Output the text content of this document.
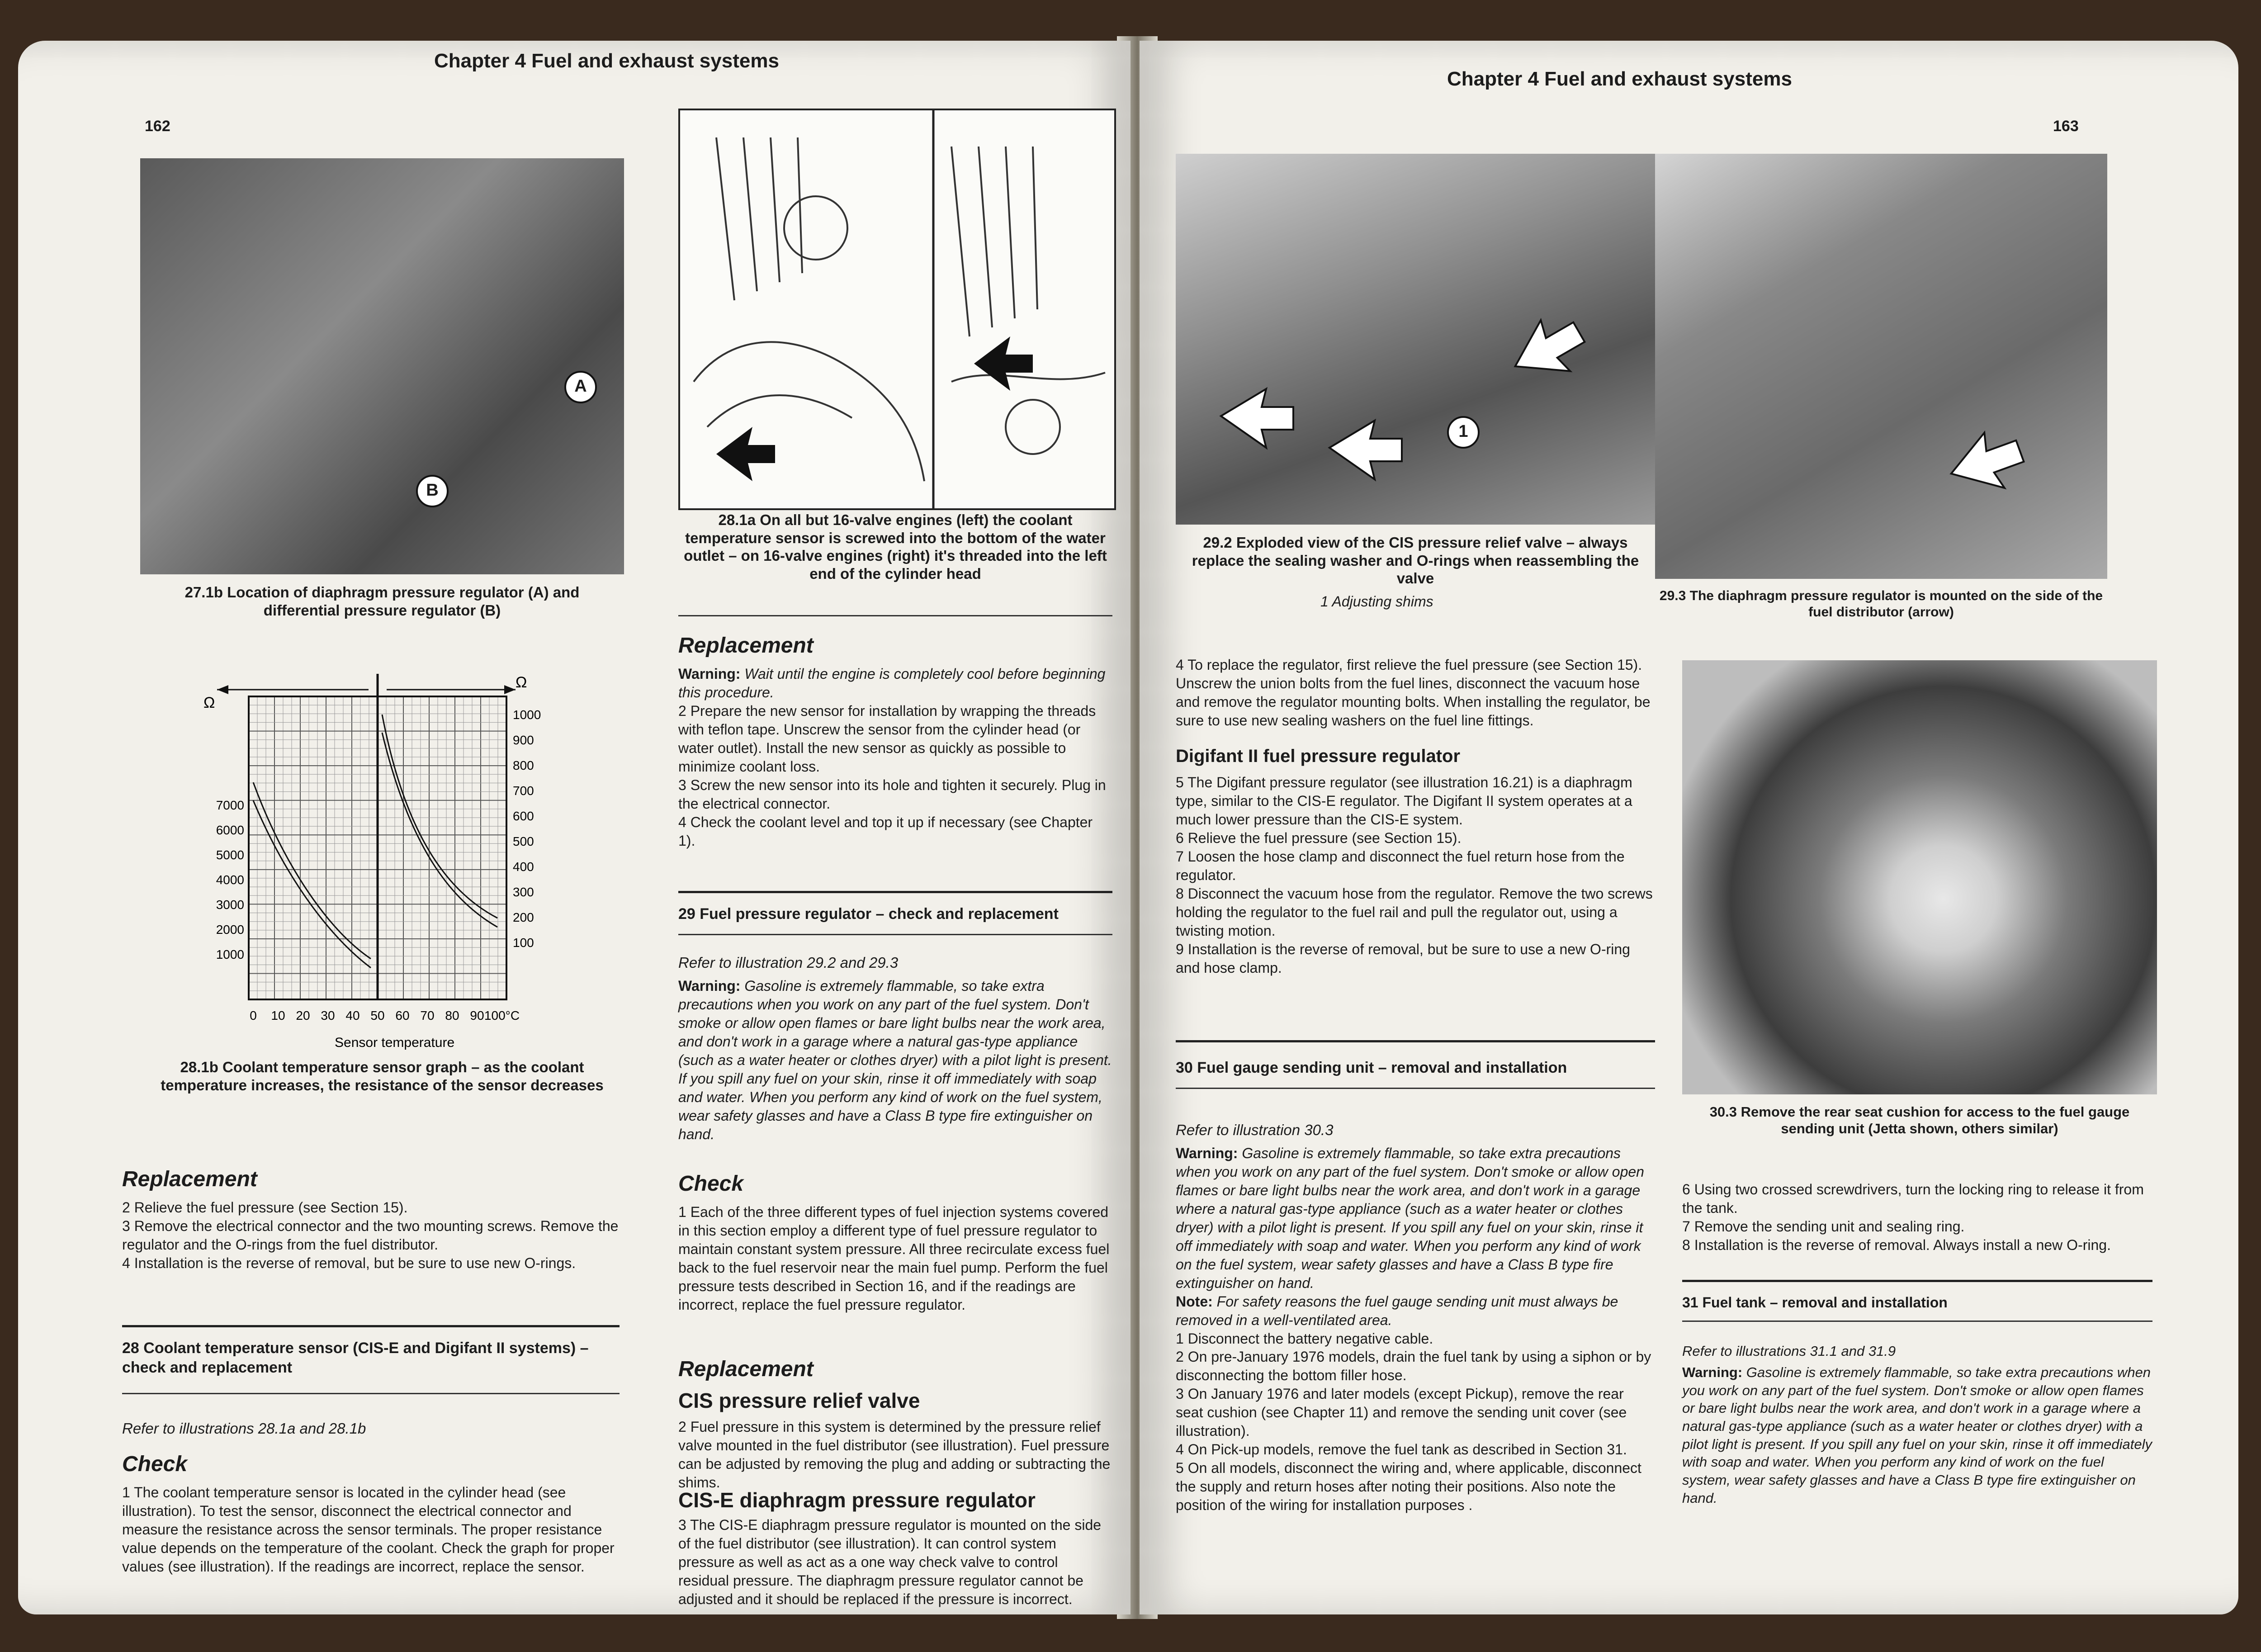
Chapter 4 Fuel and exhaust systems
162
A
B
27.1b Location of diaphragm pressure regulator (A) and differential pressure regulator (B)
Ω
Ω
7000
6000
5000
4000
3000
2000
1000
1000
900
800
700
600
500
400
300
200
100
0 10 20 30 40 50 60 70 80 90 100°C
Sensor temperature
28.1b Coolant temperature sensor graph – as the coolant temperature increases, the resistance of the sensor decreases
Replacement

2 Relieve the fuel pressure (see Section 15).

3 Remove the electrical connector and the two mounting screws. Remove the regulator and the O-rings from the fuel distributor.

4 Installation is the reverse of removal, but be sure to use new O-rings.

28 Coolant temperature sensor (CIS-E and Digifant II systems) – check and replacement
Refer to illustrations 28.1a and 28.1b
Check
1 The coolant temperature sensor is located in the cylinder head (see illustration). To test the sensor, disconnect the electrical connector and measure the resistance across the sensor terminals. The proper resistance value depends on the temperature of the coolant. Check the graph for proper values (see illustration). If the readings are incorrect, replace the sensor.
28.1a On all but 16-valve engines (left) the coolant temperature sensor is screwed into the bottom of the water outlet – on 16-valve engines (right) it's threaded into the left end of the cylinder head
Replacement

Warning: Wait until the engine is completely cool before beginning this procedure.

2 Prepare the new sensor for installation by wrapping the threads with teflon tape. Unscrew the sensor from the cylinder head (or water outlet). Install the new sensor as quickly as possible to minimize coolant loss.

3 Screw the new sensor into its hole and tighten it securely. Plug in the electrical connector.

4 Check the coolant level and top it up if necessary (see Chapter 1).

29 Fuel pressure regulator – check and replacement
Refer to illustration 29.2 and 29.3

Warning: Gasoline is extremely flammable, so take extra precautions when you work on any part of the fuel system. Don't smoke or allow open flames or bare light bulbs near the work area, and don't work in a garage where a natural gas-type appliance (such as a water heater or clothes dryer) with a pilot light is present. If you spill any fuel on your skin, rinse it off immediately with soap and water. When you perform any kind of work on the fuel system, wear safety glasses and have a Class B type fire extinguisher on hand.

Check
1 Each of the three different types of fuel injection systems covered in this section employ a different type of fuel pressure regulator to maintain constant system pressure. All three recirculate excess fuel back to the fuel reservoir near the main fuel pump. Perform the fuel pressure tests described in Section 16, and if the readings are incorrect, replace the fuel pressure regulator.
Replacement
CIS pressure relief valve
2 Fuel pressure in this system is determined by the pressure relief valve mounted in the fuel distributor (see illustration). Fuel pressure can be adjusted by removing the plug and adding or subtracting the shims.
CIS-E diaphragm pressure regulator
3 The CIS-E diaphragm pressure regulator is mounted on the side of the fuel distributor (see illustration). It can control system pressure as well as act as a one way check valve to control residual pressure. The diaphragm pressure regulator cannot be adjusted and it should be replaced if the pressure is incorrect.
Chapter 4 Fuel and exhaust systems
163
1
29.2 Exploded view of the CIS pressure relief valve – always replace the sealing washer and O-rings when reassembling the valve
1 Adjusting shims	29.3 The diaphragm pressure regulator is mounted on the side of the fuel distributor (arrow)
4 To replace the regulator, first relieve the fuel pressure (see Section 15). Unscrew the union bolts from the fuel lines, disconnect the vacuum hose and remove the regulator mounting bolts. When installing the regulator, be sure to use new sealing washers on the fuel line fittings.
Digifant II fuel pressure regulator

5 The Digifant pressure regulator (see illustration 16.21) is a diaphragm type, similar to the CIS-E regulator. The Digifant II system operates at a much lower pressure than the CIS-E system.

6 Relieve the fuel pressure (see Section 15).

7 Loosen the hose clamp and disconnect the fuel return hose from the regulator.

8 Disconnect the vacuum hose from the regulator. Remove the two screws holding the regulator to the fuel rail and pull the regulator out, using a twisting motion.

9 Installation is the reverse of removal, but be sure to use a new O-ring and hose clamp.

30 Fuel gauge sending unit – removal and installation
Refer to illustration 30.3

Warning: Gasoline is extremely flammable, so take extra precautions when you work on any part of the fuel system. Don't smoke or allow open flames or bare light bulbs near the work area, and don't work in a garage where a natural gas-type appliance (such as a water heater or clothes dryer) with a pilot light is present. If you spill any fuel on your skin, rinse it off immediately with soap and water. When you perform any kind of work on the fuel system, wear safety glasses and have a Class B type fire extinguisher on hand.

Note: For safety reasons the fuel gauge sending unit must always be removed in a well-ventilated area.

1 Disconnect the battery negative cable.

2 On pre-January 1976 models, drain the fuel tank by using a siphon or by disconnecting the bottom filler hose.

3 On January 1976 and later models (except Pickup), remove the rear seat cushion (see Chapter 11) and remove the sending unit cover (see illustration).

4 On Pick-up models, remove the fuel tank as described in Section 31.

5 On all models, disconnect the wiring and, where applicable, disconnect the supply and return hoses after noting their positions. Also note the position of the wiring for installation purposes .

30.3 Remove the rear seat cushion for access to the fuel gauge sending unit (Jetta shown, others similar)

6 Using two crossed screwdrivers, turn the locking ring to release it from the tank.

7 Remove the sending unit and sealing ring.

8 Installation is the reverse of removal. Always install a new O-ring.

31 Fuel tank – removal and installation
Refer to illustrations 31.1 and 31.9

Warning: Gasoline is extremely flammable, so take extra precautions when you work on any part of the fuel system. Don't smoke or allow open flames or bare light bulbs near the work area, and don't work in a garage where a natural gas-type appliance (such as a water heater or clothes dryer) with a pilot light is present. If you spill any fuel on your skin, rinse it off immediately with soap and water. When you perform any kind of work on the fuel system, wear safety glasses and have a Class B type fire extinguisher on hand.
